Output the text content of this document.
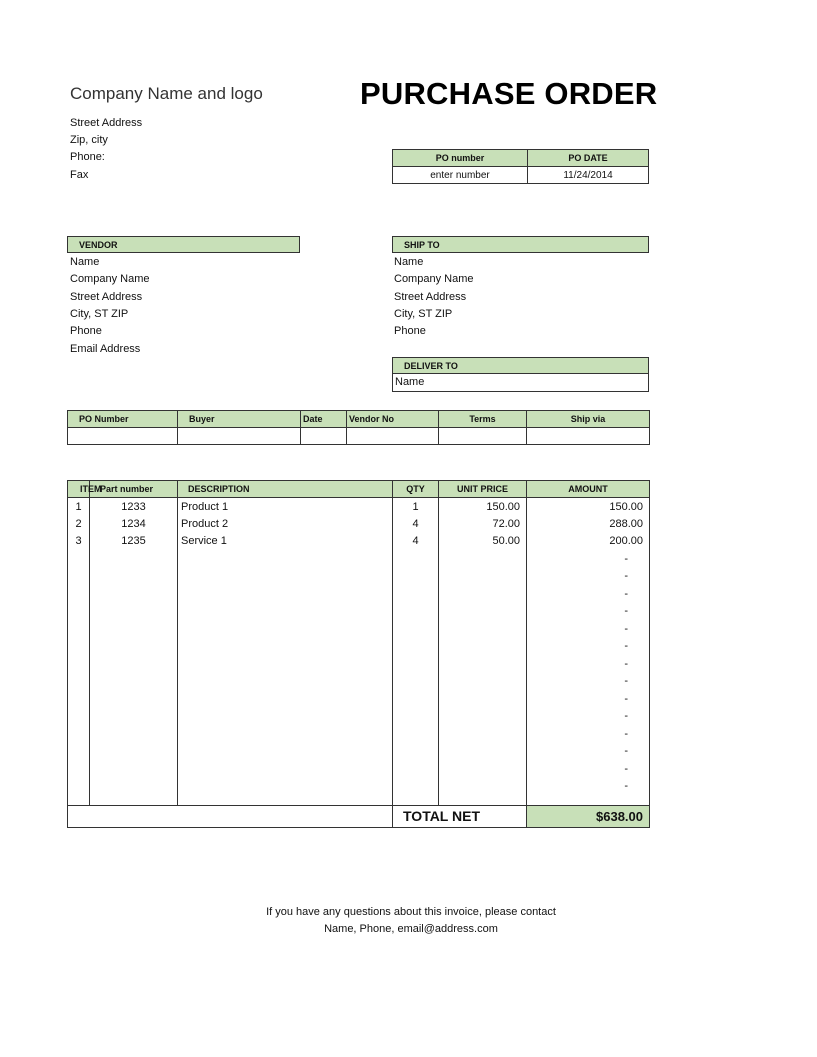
Company Name and logo	PURCHASE ORDER
Street Address
Zip, city
Phone:
Fax
PO number	PO DATE
enter number	11/24/2014
VENDOR
Name
Company Name
Street Address
City, ST ZIP
Phone
Email Address
SHIP TO
Name
Company Name
Street Address
City, ST ZIP
Phone
DELIVER TO
Name
PO Number	Buyer	Date	Vendor No	Terms	Ship via

ITEM	Part number	DESCRIPTION	QTY	UNIT PRICE	AMOUNT
1	1233	Product 1	1	150.00	150.00
2	1234	Product 2	4	72.00	288.00
3	1235	Service 1	4	50.00	200.00
					-
					-
					-
					-
					-
					-
					-
					-
					-
					-
					-
					-
					-
					-

			TOTAL NET		$638.00
If you have any questions about this invoice, please contact
Name, Phone, email@address.com
